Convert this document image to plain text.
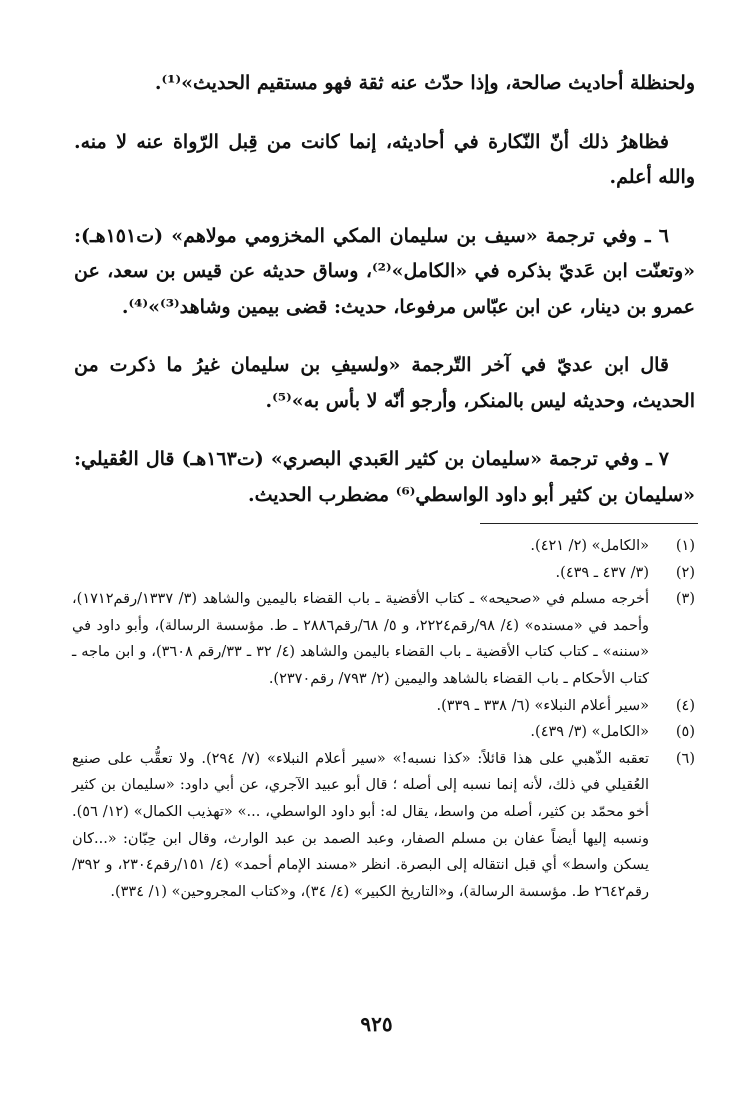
ولحنظلة أحاديث صالحة، وإذا حدّث عنه ثقة فهو مستقيم الحديث»⁽¹⁾.

فظاهرُ ذلك أنّ النّكارة في أحاديثه، إنما كانت من قِبل الرّواة عنه لا منه. والله أعلم.

٦ ـ وفي ترجمة «سيف بن سليمان المكي المخزومي مولاهم» (ت١٥١هـ): «وتعنّت ابن عَديّ بذكره في «الكامل»⁽²⁾، وساق حديثه عن قيس بن سعد، عن عمرو بن دينار، عن ابن عبّاس مرفوعا، حديث: قضى بيمين وشاهد⁽³⁾»⁽⁴⁾.

قال ابن عديّ في آخر التّرجمة «ولسيفِ بن سليمان غيرُ ما ذكرت من الحديث، وحديثه ليس بالمنكر، وأرجو أنّه لا بأس به»⁽⁵⁾.

٧ ـ وفي ترجمة «سليمان بن كثير العَبدي البصري» (ت١٦٣هـ) قال العُقيلي: «سليمان بن كثير أبو داود الواسطي⁽⁶⁾ مضطرب الحديث.

(١)
«الكامل» (٢/ ٤٢١).
(٢)
(٣/ ٤٣٧ ـ ٤٣٩).
(٣)
أخرجه مسلم في «صحيحه» ـ كتاب الأقضية ـ باب القضاء باليمين والشاهد (٣/ ١٣٣٧/رقم١٧١٢)، وأحمد في «مسنده» (٤/ ٩٨/رقم٢٢٢٤، و ٥/ ٦٨/رقم٢٨٨٦ ـ ط. مؤسسة الرسالة)، وأبو داود في «سننه» ـ كتاب كتاب الأقضية ـ باب القضاء باليمن والشاهد (٤/ ٣٢ ـ ٣٣/رقم ٣٦٠٨)، و ابن ماجه ـ كتاب الأحكام ـ باب القضاء بالشاهد واليمين (٢/ ٧٩٣/ رقم٢٣٧٠).
(٤)
«سير أعلام النبلاء» (٦/ ٣٣٨ ـ ٣٣٩).
(٥)
«الكامل» (٣/ ٤٣٩).
(٦)
تعقبه الذّهبي على هذا قائلاً: «كذا نسبه!» «سير أعلام النبلاء» (٧/ ٢٩٤). ولا تعقُّب على صنيع العُقيلي في ذلك، لأنه إنما نسبه إلى أصله ؛ قال أبو عبيد الآجري، عن أبي داود: «سليمان بن كثير أخو محمّد بن كثير، أصله من واسط، يقال له: أبو داود الواسطي، ...» «تهذيب الكمال» (١٢/ ٥٦). ونسبه إليها أيضاً عفان بن مسلم الصفار، وعبد الصمد بن عبد الوارث، وقال ابن حِبّان: «...كان يسكن واسط» أي قبل انتقاله إلى البصرة. انظر «مسند الإمام أحمد» (٤/ ١٥١/رقم٢٣٠٤، و ٣٩٢/ رقم٢٦٤٢ ط. مؤسسة الرسالة)، و«التاريخ الكبير» (٤/ ٣٤)، و«كتاب المجروحين» (١/ ٣٣٤).
٩٢٥
